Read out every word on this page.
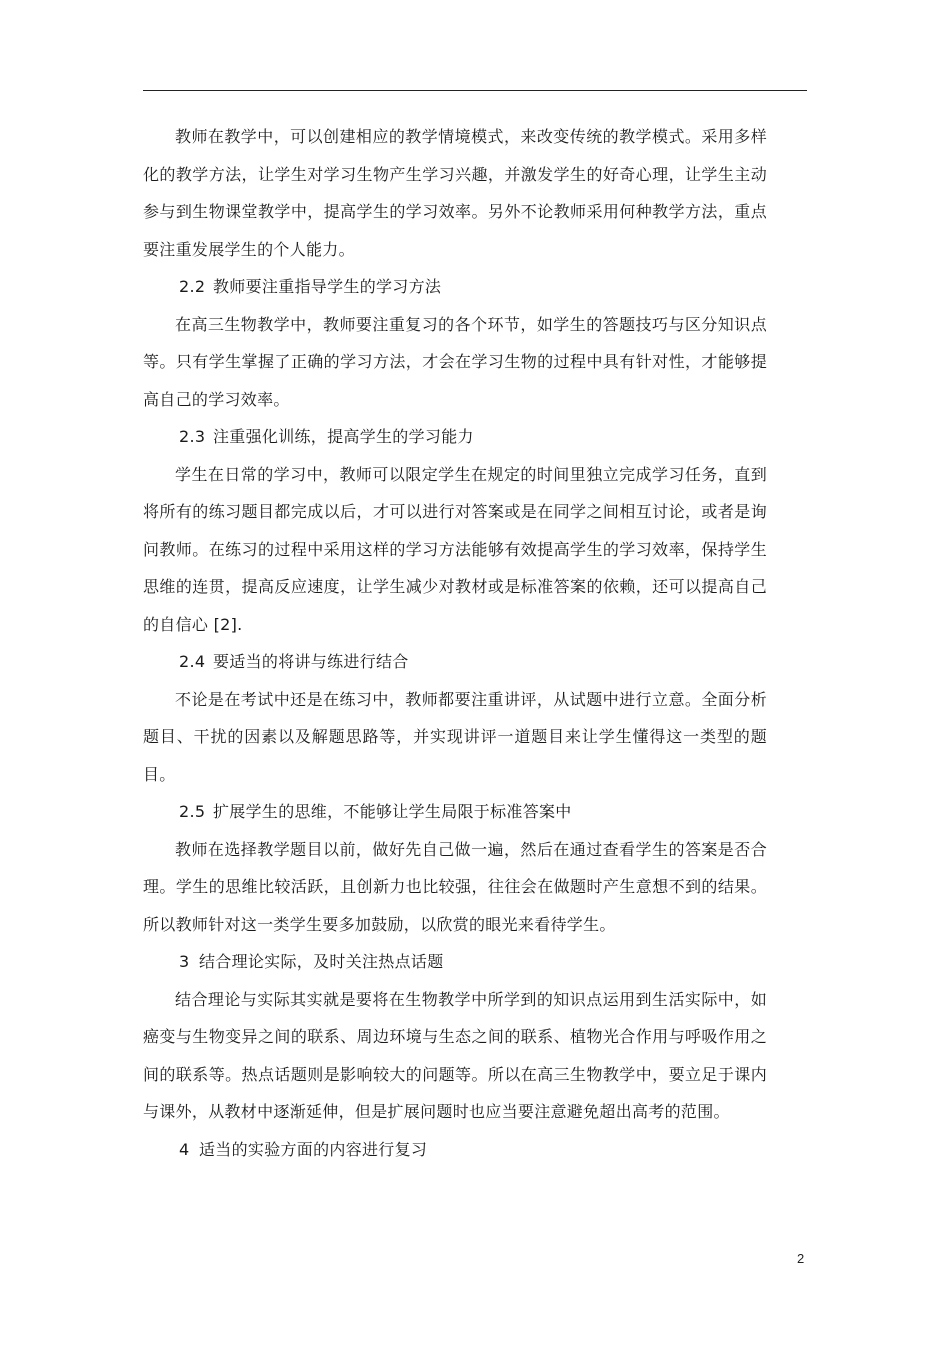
教师在教学中，可以创建相应的教学情境模式，来改变传统的教学模式。采用多样化的教学方法，让学生对学习生物产生学习兴趣，并激发学生的好奇心理，让学生主动参与到生物课堂教学中，提高学生的学习效率。另外不论教师采用何种教学方法，重点要注重发展学生的个人能力。

2.2 教师要注重指导学生的学习方法

在高三生物教学中，教师要注重复习的各个环节，如学生的答题技巧与区分知识点等。只有学生掌握了正确的学习方法，才会在学习生物的过程中具有针对性，才能够提高自己的学习效率。

2.3 注重强化训练，提高学生的学习能力

学生在日常的学习中，教师可以限定学生在规定的时间里独立完成学习任务，直到将所有的练习题目都完成以后，才可以进行对答案或是在同学之间相互讨论，或者是询问教师。在练习的过程中采用这样的学习方法能够有效提高学生的学习效率，保持学生思维的连贯，提高反应速度，让学生减少对教材或是标准答案的依赖，还可以提高自己的自信心 [2].

2.4 要适当的将讲与练进行结合

不论是在考试中还是在练习中，教师都要注重讲评，从试题中进行立意。全面分析题目、干扰的因素以及解题思路等，并实现讲评一道题目来让学生懂得这一类型的题目。

2.5 扩展学生的思维，不能够让学生局限于标准答案中

教师在选择教学题目以前，做好先自己做一遍，然后在通过查看学生的答案是否合理。学生的思维比较活跃，且创新力也比较强，往往会在做题时产生意想不到的结果。所以教师针对这一类学生要多加鼓励，以欣赏的眼光来看待学生。

3 结合理论实际，及时关注热点话题

结合理论与实际其实就是要将在生物教学中所学到的知识点运用到生活实际中，如癌变与生物变异之间的联系、周边环境与生态之间的联系、植物光合作用与呼吸作用之间的联系等。热点话题则是影响较大的问题等。所以在高三生物教学中，要立足于课内与课外，从教材中逐渐延伸，但是扩展问题时也应当要注意避免超出高考的范围。

4 适当的实验方面的内容进行复习

2
